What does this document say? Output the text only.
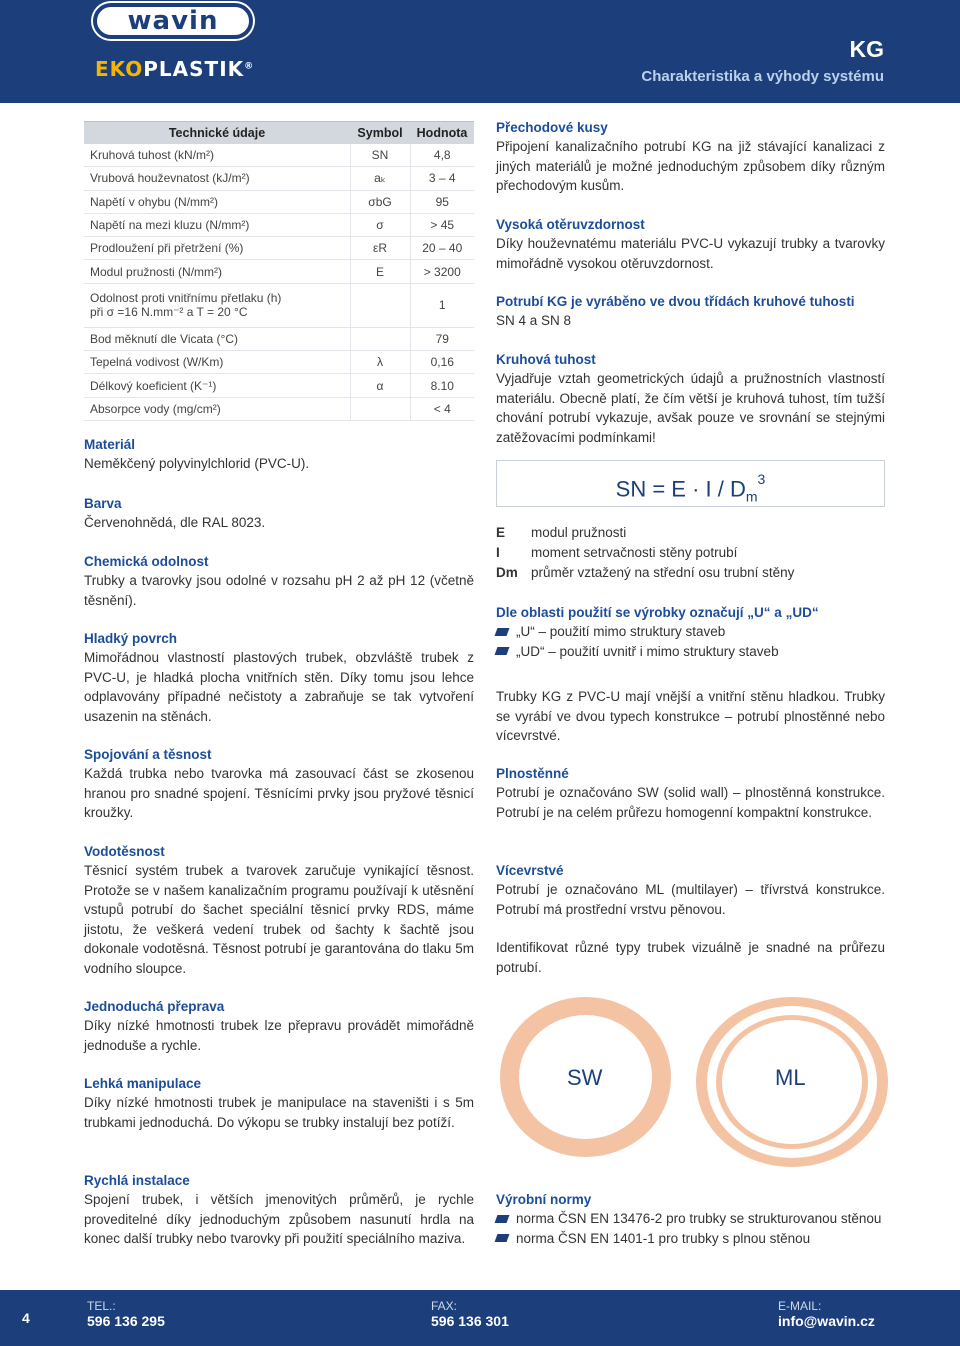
wavin
EKOPLASTIK®
KG
Charakteristika a výhody systému
Technické údaje	Symbol	Hodnota
Kruhová tuhost (kN/m²)	SN	4,8
Vrubová houževnatost (kJ/m²)	aₖ	3 – 4
Napětí v ohybu (N/mm²)	σbG	95
Napětí na mezi kluzu (N/mm²)	σ	> 45
Prodloužení při přetržení (%)	εR	20 – 40
Modul pružnosti (N/mm²)	E	> 3200

Odolnost proti vnitřnímu přetlaku (h)
při σ =16 N.mm⁻² a T = 20 °C		1
Bod měknutí dle Vicata (°C)		79
Tepelná vodivost (W/Km)	λ	0,16
Délkový koeficient (K⁻¹)	α	8.10
Absorpce vody (mg/cm²)		< 4
Materiál

Neměkčený polyvinylchlorid (PVC-U).

Barva

Červenohnědá, dle RAL 8023.

Chemická odolnost

Trubky a tvarovky jsou odolné v rozsahu pH 2 až pH 12 (včetně těsnění).

Hladký povrch

Mimořádnou vlastností plastových trubek, obzvláště trubek z PVC-U, je hladká plocha vnitřních stěn. Díky tomu jsou lehce odplavovány případné nečistoty a zabraňuje se tak vytvoření usazenin na stěnách.

Spojování a těsnost

Každá trubka nebo tvarovka má zasouvací část se zkosenou hranou pro snadné spojení. Těsnícími prvky jsou pryžové těsnicí kroužky.

Vodotěsnost

Těsnicí systém trubek a tvarovek zaručuje vynikající těsnost. Protože se v našem kanalizačním programu používají k utěsnění vstupů potrubí do šachet speciální těsnicí prvky RDS, máme jistotu, že veškerá vedení trubek od šachty k šachtě jsou dokonale vodotěsná. Těsnost potrubí je garantována do tlaku 5m vodního sloupce.

Jednoduchá přeprava

Díky nízké hmotnosti trubek lze přepravu provádět mimořádně jednoduše a rychle.

Lehká manipulace

Díky nízké hmotnosti trubek je manipulace na staveništi i s 5m trubkami jednoduchá. Do výkopu se trubky instalují bez potíží.

Rychlá instalace

Spojení trubek, i větších jmenovitých průměrů, je rychle proveditelné díky jednoduchým způsobem nasunutí hrdla na konec další trubky nebo tvarovky při použití speciálního maziva.

Přechodové kusy

Připojení kanalizačního potrubí KG na již stávající kanalizaci z jiných materiálů je možné jednoduchým způsobem díky různým přechodovým kusům.

Vysoká otěruvzdornost

Díky houževnatému materiálu PVC-U vykazují trubky a tvarovky mimořádně vysokou otěruvzdornost.

Potrubí KG je vyráběno ve dvou třídách kruhové tuhosti

SN 4 a SN 8

Kruhová tuhost

Vyjadřuje vztah geometrických údajů a pružnostních vlastností materiálu. Obecně platí, že čím větší je kruhová tuhost, tím tužší chování potrubí vykazuje, avšak pouze ve srovnání se stejnými zatěžovacími podmínkami!

SN = $E \cdot I / D_m^3$
E	modul pružnosti
I	moment setrvačnosti stěny potrubí
Dm průměr vztažený na střední osu trubní stěny
Dle oblasti použití se výrobky označují „U“ a „UD“
„U“ – použití mimo struktury staveb
„UD“ – použití uvnitř i mimo struktury staveb

Trubky KG z PVC-U mají vnější a vnitřní stěnu hladkou. Trubky se vyrábí ve dvou typech konstrukce – potrubí plnostěnné nebo vícevrstvé.

Plnostěnné

Potrubí je označováno SW (solid wall) – plnostěnná konstrukce. Potrubí je na celém průřezu homogenní kompaktní konstrukce.

Vícevrstvé

Potrubí je označováno ML (multilayer) – třívrstvá konstrukce. Potrubí má prostřední vrstvu pěnovou.

Identifikovat různé typy trubek vizuálně je snadné na průřezu potrubí.

SW	ML
Výrobní normy
norma ČSN EN 13476-2 pro trubky se strukturovanou stěnou
norma ČSN EN 1401-1 pro trubky s plnou stěnou
4
TEL.:
596 136 295
FAX:
596 136 301
E-MAIL:
info@wavin.cz
